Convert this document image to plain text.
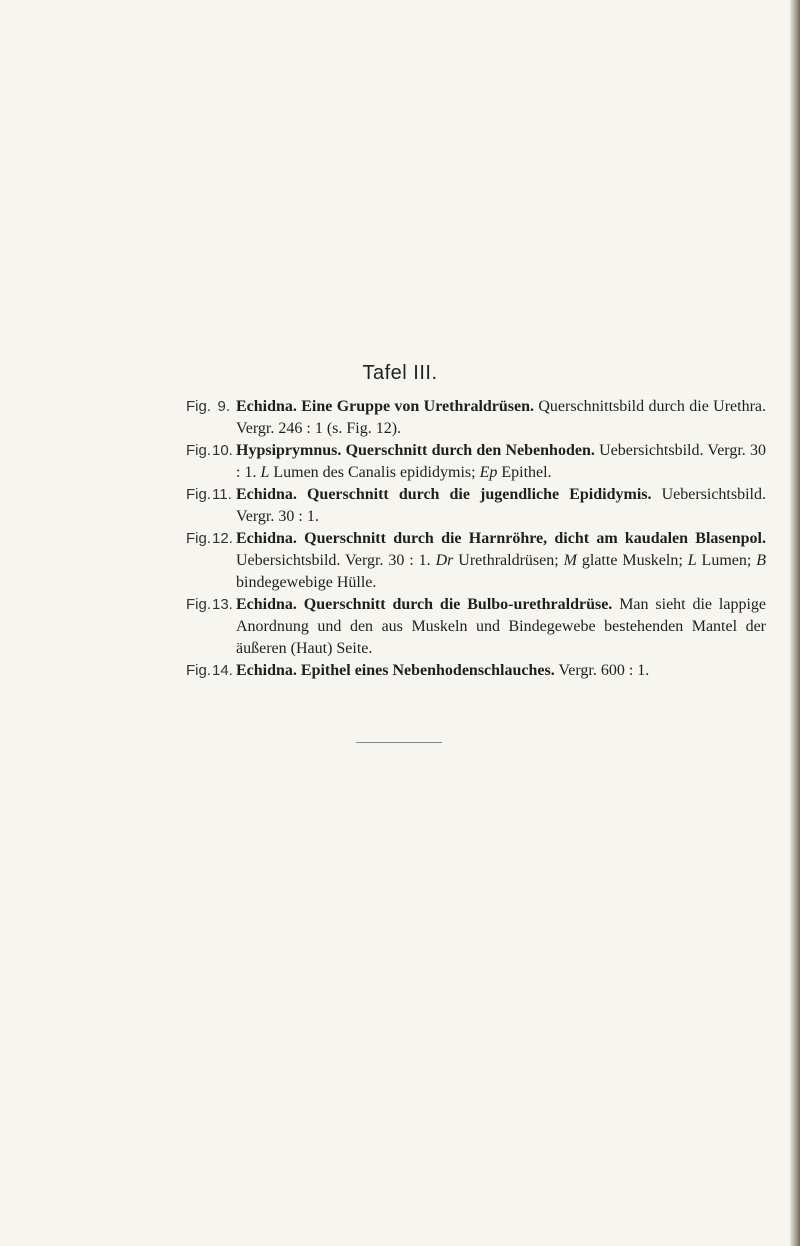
Tafel III.
Fig. 9. Echidna. Eine Gruppe von Urethraldrüsen. Querschnittsbild durch die Urethra. Vergr. 246 : 1 (s. Fig. 12).
Fig.10. Hypsiprymnus. Querschnitt durch den Nebenhoden. Uebersichtsbild. Vergr. 30 : 1. L Lumen des Canalis epididymis; Ep Epithel.
Fig.11. Echidna. Querschnitt durch die jugendliche Epididymis. Uebersichtsbild. Vergr. 30 : 1.
Fig.12. Echidna. Querschnitt durch die Harnröhre, dicht am kaudalen Blasenpol. Uebersichtsbild. Vergr. 30 : 1. Dr Urethraldrüsen; M glatte Muskeln; L Lumen; B bindegewebige Hülle.
Fig.13. Echidna. Querschnitt durch die Bulbo-urethraldrüse. Man sieht die lappige Anordnung und den aus Muskeln und Bindegewebe bestehenden Mantel der äußeren (Haut) Seite.
Fig.14. Echidna. Epithel eines Nebenhodenschlauches. Vergr. 600 : 1.
